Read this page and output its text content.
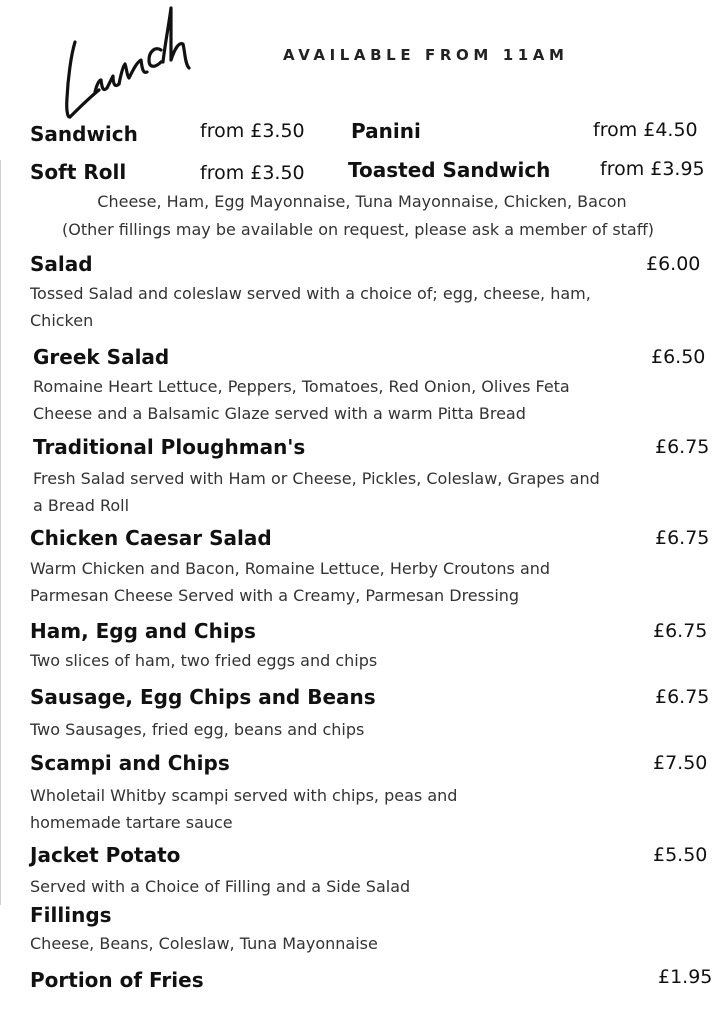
AVAILABLE FROM 11AM
Sandwich	from £3.50 Panini	from £4.50
Soft Roll	from £3.50 Toasted Sandwich	from £3.95
Cheese, Ham, Egg Mayonnaise, Tuna Mayonnaise, Chicken, Bacon
(Other fillings may be available on request, please ask a member of staff)
Salad	£6.00
Tossed Salad and coleslaw served with a choice of; egg, cheese, ham, Chicken
Greek Salad	£6.50
Romaine Heart Lettuce, Peppers, Tomatoes, Red Onion, Olives Feta Cheese and a Balsamic Glaze served with a warm Pitta Bread
Traditional Ploughman's	£6.75
Fresh Salad served with Ham or Cheese, Pickles, Coleslaw, Grapes and a Bread Roll
Chicken Caesar Salad	£6.75
Warm Chicken and Bacon, Romaine Lettuce, Herby Croutons and Parmesan Cheese Served with a Creamy, Parmesan Dressing
Ham, Egg and Chips	£6.75
Two slices of ham, two fried eggs and chips
Sausage, Egg Chips and Beans	£6.75
Two Sausages, fried egg, beans and chips
Scampi and Chips	£7.50
Wholetail Whitby scampi served with chips, peas and homemade tartare sauce
Jacket Potato	£5.50
Served with a Choice of Filling and a Side Salad
Fillings
Cheese, Beans, Coleslaw, Tuna Mayonnaise
Portion of Fries	£1.95
